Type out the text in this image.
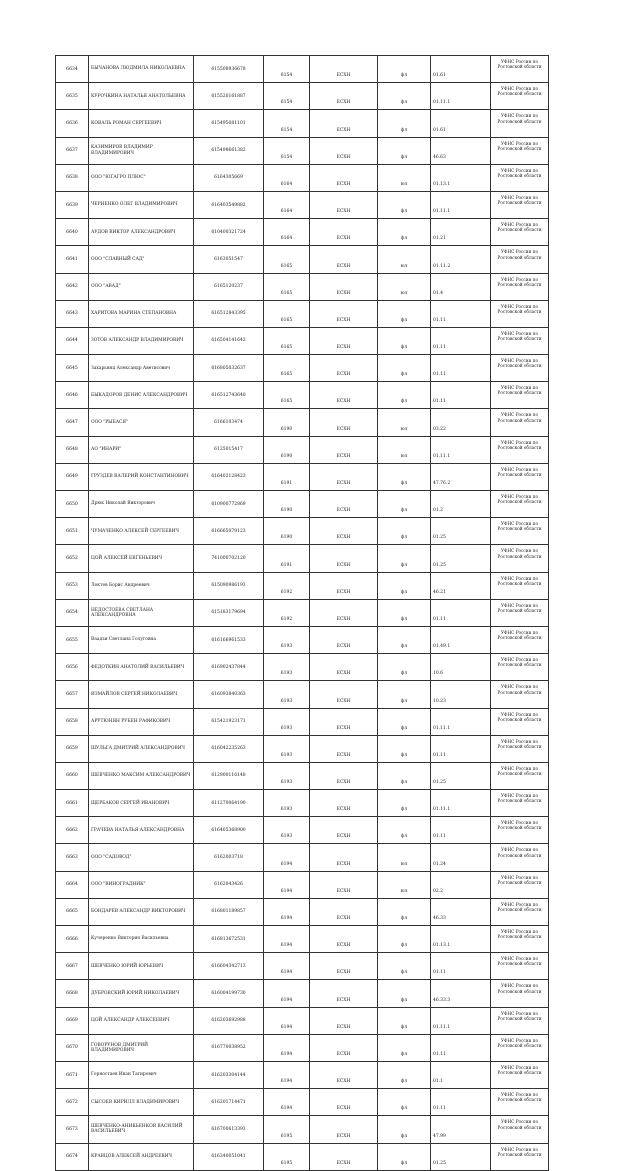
6634	БЫЧАНОВА ЛЮДМИЛА НИКОЛАЕВНА	615508936678	6154	ЕСХН	фл	01.61	УФНС России по Ростовской области
6635	КУРОЧКИНА НАТАЛЬЯ АНАТОЛЬЕВНА	615520161887	6154	ЕСХН	фл	01.11.1	УФНС России по Ростовской области
6636	КОВАЛЬ РОМАН СЕРГЕЕВИЧ	615495081101	6154	ЕСХН	фл	01.61	УФНС России по Ростовской области
6637	КАЗИМИРОВ ВЛАДИМИР ВЛАДИМИРОВИЧ	615498661382	6154	ЕСХН	фл	46.63	УФНС России по Ростовской области
6638	ООО "ЮГАГРО ПЛЮС"	6164305669	6164	ЕСХН	юл	01.13.1	УФНС России по Ростовской области
6639	ЧЕРНЕНКО ОЛЕГ ВЛАДИМИРОВИЧ	616403549882	6164	ЕСХН	фл	01.11.1	УФНС России по Ростовской области
6640	АУДОВ ВИКТОР АЛЕКСАНДРОВИЧ	610400321724	6164	ЕСХН	фл	01.21	УФНС России по Ростовской области
6641	ООО "СЛАВНЫЙ САД"	6163051547	6165	ЕСХН	юл	01.11.2	УФНС России по Ростовской области
6642	ООО "АВАД"	6165120237	6165	ЕСХН	юл	01.4	УФНС России по Ростовской области
6643	ХАРИТОВА МАРИНА СТЕПАНОВНА	616512843395	6165	ЕСХН	фл	01.11	УФНС России по Ростовской области
6644	ЗОТОВ АЛЕКСАНДР ВЛАДИМИРОВИЧ	616504141643	6165	ЕСХН	фл	01.11	УФНС России по Ростовской области
6645	Захарьянц Александр Аветисович	616805032637	6165	ЕСХН	фл	01.11	УФНС России по Ростовской области
6646	БЫКАДОРОВ ДЕНИС АЛЕКСАНДРОВИЧ	616512743640	6165	ЕСХН	фл	01.11	УФНС России по Ростовской области
6647	ООО "РЫБАСЯ"	6166103474	6190	ЕСХН	юл	03.22	УФНС России по Ростовской области
6648	АО "ИНАРИ"	6125015417	6190	ЕСХН	юл	01.11.1	УФНС России по Ростовской области
6649	ГРУЗДЕВ ВАЛЕРИЙ КОНСТАНТИНОВИЧ	616402128423	6191	ЕСХН	фл	47.76.2	УФНС России по Ростовской области
6650	Дрюк Николай Викторович	610900772869	6190	ЕСХН	фл	01.2	УФНС России по Ростовской области
6651	ЧУМАЧЕНКО АЛЕКСЕЙ СЕРГЕЕВИЧ	616665079123	6190	ЕСХН	фл	01.25	УФНС России по Ростовской области
6652	ЦОЙ АЛЕКСЕЙ ЕВГЕНЬЕВИЧ	741000702120	6191	ЕСХН	фл	01.25	УФНС России по Ростовской области
6653	Локтев Борис Андреевич	615090986193	6192	ЕСХН	фл	46.21	УФНС России по Ростовской области
6654	НЕДОСТОЕВА СВЕТЛАНА АЛЕКСАНДРОВНА	615183179694	6192	ЕСХН	фл	01.11	УФНС России по Ростовской области
6655	Ваадзи Светлана Голуговна	616166961533	6193	ЕСХН	фл	01.49.1	УФНС России по Ростовской области
6656	ФЕДОТКИН АНАТОЛИЙ ВАСИЛЬЕВИЧ	616902437844	6193	ЕСХН	фл	10.6	УФНС России по Ростовской области
6657	ИЗМАЙЛОВ СЕРГЕЙ НИКОЛАЕВИЧ	616093840363	6193	ЕСХН	фл	10.23	УФНС России по Ростовской области
6658	АРУТЮНЯН РУБЕН РАФИКОВИЧ	615421923171	6193	ЕСХН	фл	01.11.1	УФНС России по Ростовской области
6659	ШУЛЬГА ДМИТРИЙ АЛЕКСАНДРОВИЧ	616042235263	6193	ЕСХН	фл	01.11	УФНС России по Ростовской области
6660	ШЕВЧЕНКО МАКСИМ АЛЕКСАНДРОВИЧ	612900116148	6193	ЕСХН	фл	01.25	УФНС России по Ростовской области
6661	ЩЕРБАКОВ СЕРГЕЙ ИВАНОВИЧ	611270064190	6193	ЕСХН	фл	01.11.1	УФНС России по Ростовской области
6662	ГРАЧЕВА НАТАЛЬЯ АЛЕКСАНДРОВНА	616405368900	6193	ЕСХН	фл	01.11	УФНС России по Ростовской области
6663	ООО "САДОВОД"	6162003718	6194	ЕСХН	юл	01.24	УФНС России по Ростовской области
6664	ООО "ВИНОГРАДНИК"	6162043426	6194	ЕСХН	юл	02.2	УФНС России по Ростовской области
6665	БОНДАРЕВ АЛЕКСАНДР ВИКТОРОВИЧ	616801189857	6194	ЕСХН	фл	46.33	УФНС России по Ростовской области
6666	Кучеренко Виктория Васильевна	616813672531	6194	ЕСХН	фл	01.13.1	УФНС России по Ростовской области
6667	ШЕВЧЕНКО ЮРИЙ ЮРЬЕВИЧ	616604342713	6194	ЕСХН	фл	01.11	УФНС России по Ростовской области
6668	ДУБРОВСКИЙ ЮРИЙ НИКОЛАЕВИЧ	616004199730	6194	ЕСХН	фл	46.33.3	УФНС России по Ростовской области
6669	ЦОЙ АЛЕКСАНДР АЛЕКСЕЕВИЧ	616203692988	6194	ЕСХН	фл	01.11.1	УФНС России по Ростовской области
6670	ГОВОРУНОВ ДМИТРИЙ ВЛАДИМИРОВИЧ	616770038952	6194	ЕСХН	фл	01.11	УФНС России по Ростовской области
6671	Горностаев Иван Тагирович	616203304144	6194	ЕСХН	фл	01.1	УФНС России по Ростовской области
6672	СЫСОЕВ КИРИЛЛ ВЛАДИМИРОВИЧ	616201714471	6194	ЕСХН	фл	01.11	УФНС России по Ростовской области
6673	ШЕВЧЕНКО-АНИКЬЕНКОВ ВАСИЛИЙ ВАСИЛЬЕВИЧ	616700613393	6195	ЕСХН	фл	47.99	УФНС России по Ростовской области
6674	КРАВЦОВ АЛЕКСЕЙ АНДРЕЕВИЧ	616340051041	6195	ЕСХН	фл	01.25	УФНС России по Ростовской области
